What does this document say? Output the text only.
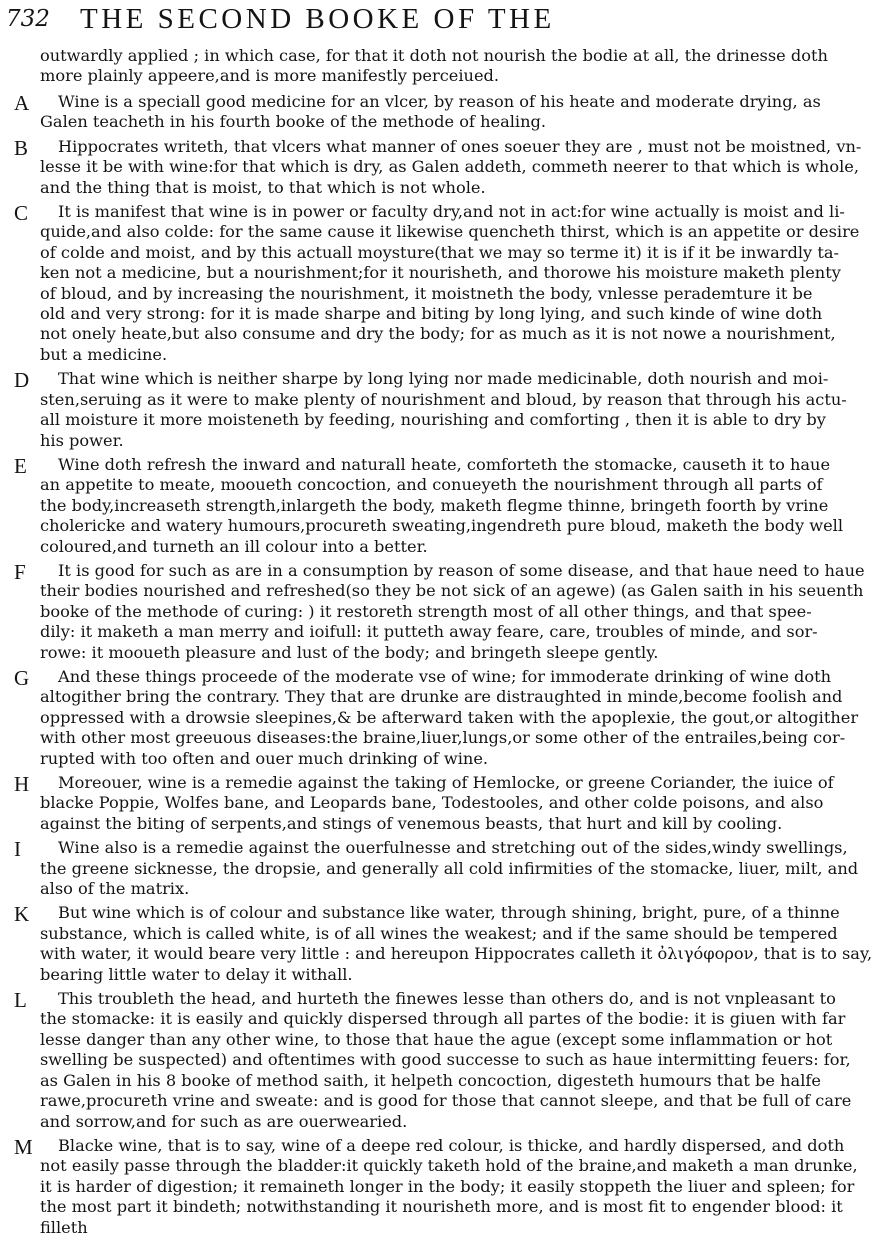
732 THE SECOND BOOKE OF THE
outwardly applied ; in which case, for that it doth not nourish the bodie at all, the drinesse doth
more plainly appeere,and is more manifestly perceiued.
A	Wine is a speciall good medicine for an vlcer, by reason of his heate and moderate drying, as
Galen teacheth in his fourth booke of the methode of healing.
B	Hippocrates writeth, that vlcers what manner of ones soeuer they are , must not be moistned, vn-
lesse it be with wine:for that which is dry, as Galen addeth, commeth neerer to that which is whole,
and the thing that is moist, to that which is not whole.
C	It is manifest that wine is in power or faculty dry,and not in act:for wine actually is moist and li-
quide,and also colde: for the same cause it likewise quencheth thirst, which is an appetite or desire
of colde and moist, and by this actuall moysture(that we may so terme it) it is if it be inwardly ta-
ken not a medicine, but a nourishment;for it nourisheth, and thorowe his moisture maketh plenty
of bloud, and by increasing the nourishment, it moistneth the body, vnlesse perademture it be
old and very strong: for it is made sharpe and biting by long lying, and such kinde of wine doth
not onely heate,but also consume and dry the body; for as much as it is not nowe a nourishment,
but a medicine.
D	That wine which is neither sharpe by long lying nor made medicinable, doth nourish and moi-
sten,seruing as it were to make plenty of nourishment and bloud, by reason that through his actu-
all moisture it more moisteneth by feeding, nourishing and comforting , then it is able to dry by
his power.
E	Wine doth refresh the inward and naturall heate, comforteth the stomacke, causeth it to haue
an appetite to meate, mooueth concoction, and conueyeth the nourishment through all parts of
the body,increaseth strength,inlargeth the body, maketh flegme thinne, bringeth foorth by vrine
cholericke and watery humours,procureth sweating,ingendreth pure bloud, maketh the body well
coloured,and turneth an ill colour into a better.
F	It is good for such as are in a consumption by reason of some disease, and that haue need to haue
their bodies nourished and refreshed(so they be not sick of an agewe) (as Galen saith in his seuenth
booke of the methode of curing: ) it restoreth strength most of all other things, and that spee-
dily: it maketh a man merry and ioifull: it putteth away feare, care, troubles of minde, and sor-
rowe: it mooueth pleasure and lust of the body; and bringeth sleepe gently.
G	And these things proceede of the moderate vse of wine; for immoderate drinking of wine doth
altogither bring the contrary. They that are drunke are distraughted in minde,become foolish and
oppressed with a drowsie sleepines,& be afterward taken with the apoplexie, the gout,or altogither
with other most greeuous diseases:the braine,liuer,lungs,or some other of the entrailes,being cor-
rupted with too often and ouer much drinking of wine.
H	Moreouer, wine is a remedie against the taking of Hemlocke, or greene Coriander, the iuice of
blacke Poppie, Wolfes bane, and Leopards bane, Todestooles, and other colde poisons, and also
against the biting of serpents,and stings of venemous beasts, that hurt and kill by cooling.
I	Wine also is a remedie against the ouerfulnesse and stretching out of the sides,windy swellings,
the greene sicknesse, the dropsie, and generally all cold infirmities of the stomacke, liuer, milt, and
also of the matrix.
K	But wine which is of colour and substance like water, through shining, bright, pure, of a thinne
substance, which is called white, is of all wines the weakest; and if the same should be tempered
with water, it would beare very little : and hereupon Hippocrates calleth it ὀλιγόφορον, that is to say,
bearing little water to delay it withall.
L	This troubleth the head, and hurteth the finewes lesse than others do, and is not vnpleasant to
the stomacke: it is easily and quickly dispersed through all partes of the bodie: it is giuen with far
lesse danger than any other wine, to those that haue the ague (except some inflammation or hot
swelling be suspected) and oftentimes with good successe to such as haue intermitting feuers: for,
as Galen in his 8 booke of method saith, it helpeth concoction, digesteth humours that be halfe
rawe,procureth vrine and sweate: and is good for those that cannot sleepe, and that be full of care
and sorrow,and for such as are ouerwearied.
M	Blacke wine, that is to say, wine of a deepe red colour, is thicke, and hardly dispersed, and doth
not easily passe through the bladder:it quickly taketh hold of the braine,and maketh a man drunke,
it is harder of digestion; it remaineth longer in the body; it easily stoppeth the liuer and spleen; for
the most part it bindeth; notwithstanding it nourisheth more, and is most fit to engender blood: it
filleth
